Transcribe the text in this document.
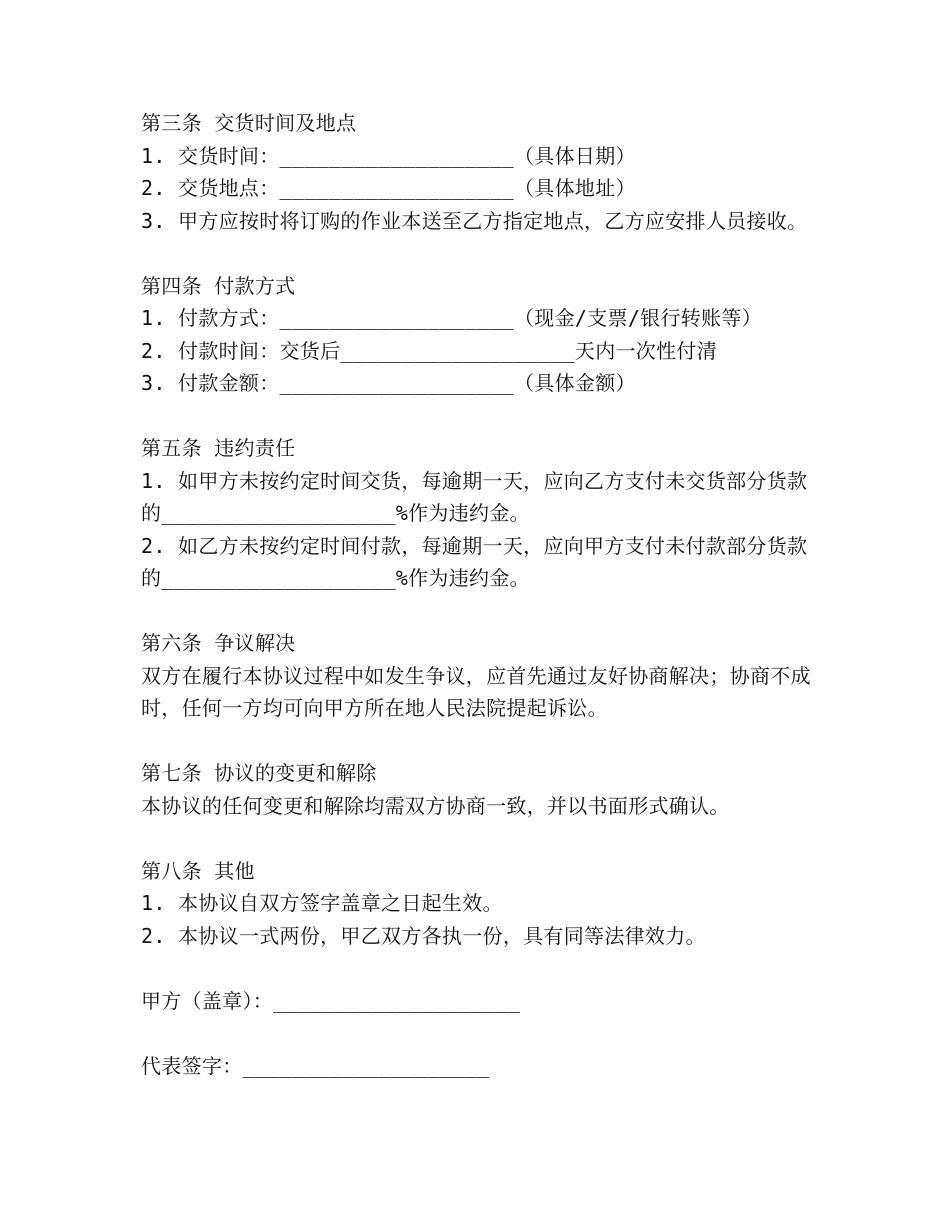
第三条 交货时间及地点
1. 交货时间：___________________（具体日期）
2. 交货地点：___________________（具体地址）
3. 甲方应按时将订购的作业本送至乙方指定地点，乙方应安排人员接收。
第四条 付款方式
1. 付款方式：___________________（现金/支票/银行转账等）
2. 付款时间：交货后___________________天内一次性付清
3. 付款金额：___________________（具体金额）
第五条 违约责任
1. 如甲方未按约定时间交货，每逾期一天，应向乙方支付未交货部分货款的___________________%作为违约金。
2. 如乙方未按约定时间付款，每逾期一天，应向甲方支付未付款部分货款的___________________%作为违约金。
第六条 争议解决
双方在履行本协议过程中如发生争议，应首先通过友好协商解决；协商不成时，任何一方均可向甲方所在地人民法院提起诉讼。
第七条 协议的变更和解除
本协议的任何变更和解除均需双方协商一致，并以书面形式确认。
第八条 其他
1. 本协议自双方签字盖章之日起生效。
2. 本协议一式两份，甲乙双方各执一份，具有同等法律效力。
甲方（盖章）：____________________
代表签字：____________________
